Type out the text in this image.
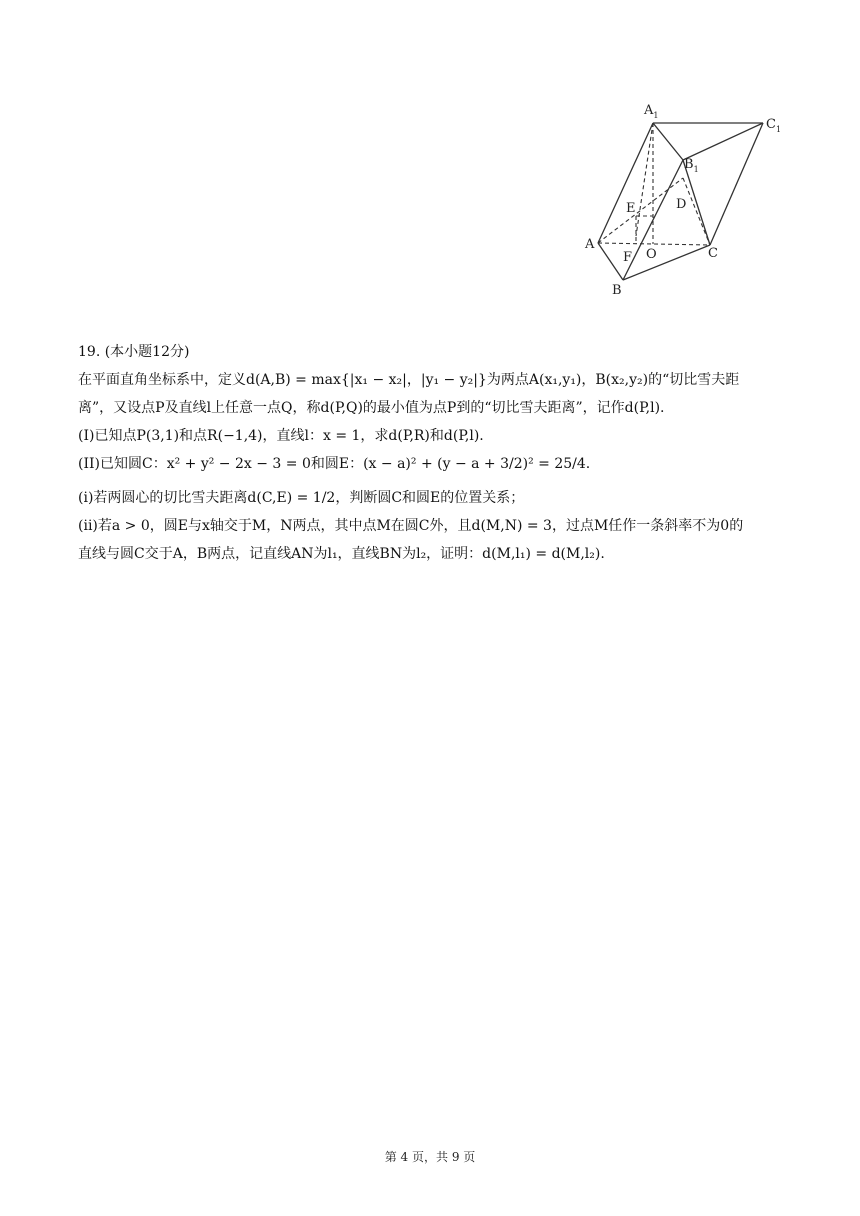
$A_1$
$C_1$
$B_1$
E	D
A
F O	C
B

19. (本小题12分)

在平面直角坐标系中，定义d(A,B) = max{|x₁ − x₂|，|y₁ − y₂|}为两点A(x₁,y₁)，B(x₂,y₂)的“切比雪夫距

离”，又设点P及直线l上任意一点Q，称d(P,Q)的最小值为点P到的“切比雪夫距离”，记作d(P,l).

(I)已知点P(3,1)和点R(−1,4)，直线l：x = 1，求d(P,R)和d(P,l).

(II)已知圆C：x² + y² − 2x − 3 = 0和圆E：(x − a)² + (y − a + 3/2)² = 25/4.

(i)若两圆心的切比雪夫距离d(C,E) = 1/2，判断圆C和圆E的位置关系；

(ii)若a > 0，圆E与x轴交于M，N两点，其中点M在圆C外，且d(M,N) = 3，过点M任作一条斜率不为0的

直线与圆C交于A，B两点，记直线AN为l₁，直线BN为l₂，证明：d(M,l₁) = d(M,l₂).

第 4 页，共 9 页
